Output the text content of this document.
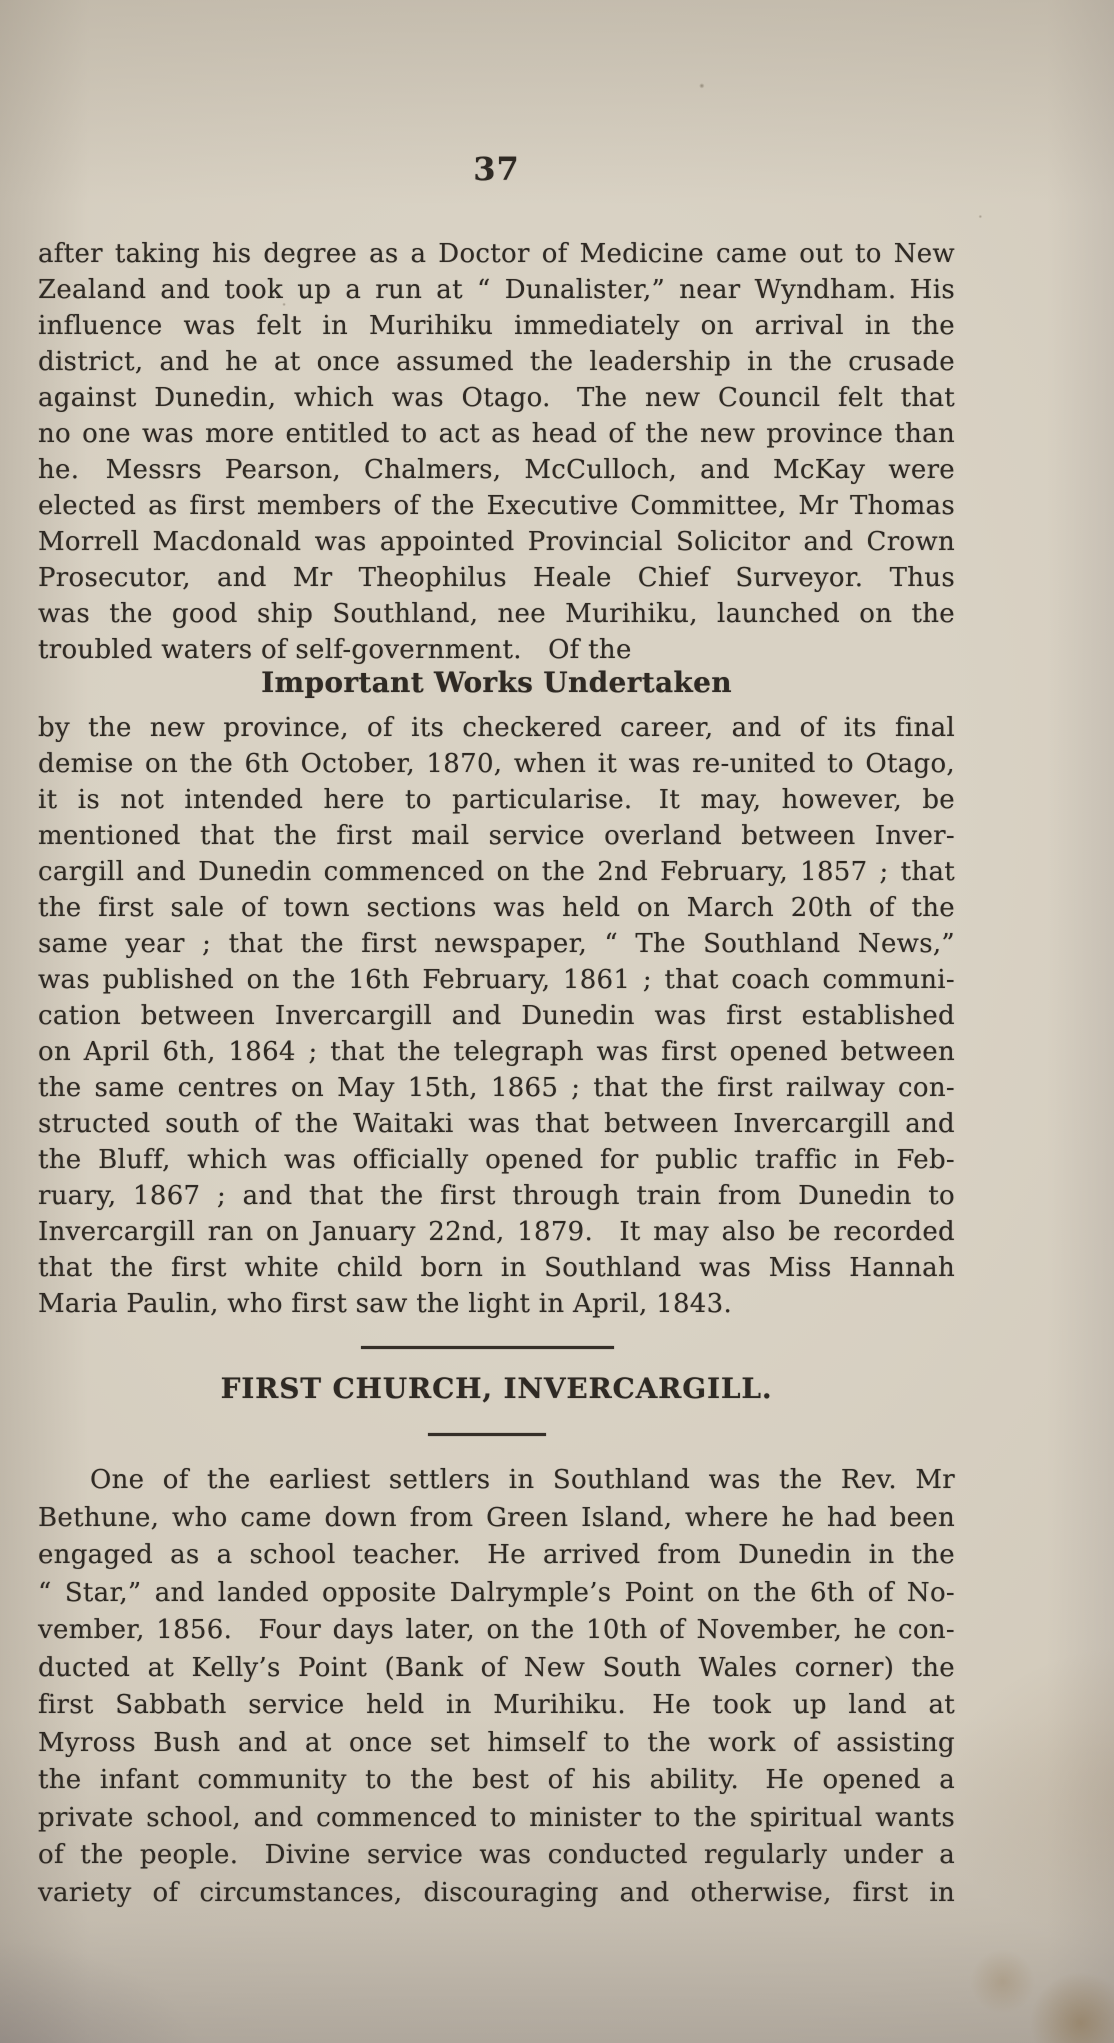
37
after taking his degree as a Doctor of Medicine came out to New
Zealand and took up a run at “ Dunalister,” near Wyndham. His
influence was felt in Murihiku immediately on arrival in the
district, and he at once assumed the leadership in the crusade
against Dunedin, which was Otago. The new Council felt that
no one was more entitled to act as head of the new province than
he. Messrs Pearson, Chalmers, McCulloch, and McKay were
elected as first members of the Executive Committee, Mr Thomas
Morrell Macdonald was appointed Provincial Solicitor and Crown
Prosecutor, and Mr Theophilus Heale Chief Surveyor. Thus
was the good ship Southland, nee Murihiku, launched on the
troubled waters of self-government. Of the
Important Works Undertaken
by the new province, of its checkered career, and of its final
demise on the 6th October, 1870, when it was re-united to Otago,
it is not intended here to particularise. It may, however, be
mentioned that the first mail service overland between Inver-
cargill and Dunedin commenced on the 2nd February, 1857 ; that
the first sale of town sections was held on March 20th of the
same year ; that the first newspaper, “ The Southland News,”
was published on the 16th February, 1861 ; that coach communi-
cation between Invercargill and Dunedin was first established
on April 6th, 1864 ; that the telegraph was first opened between
the same centres on May 15th, 1865 ; that the first railway con-
structed south of the Waitaki was that between Invercargill and
the Bluff, which was officially opened for public traffic in Feb-
ruary, 1867 ; and that the first through train from Dunedin to
Invercargill ran on January 22nd, 1879. It may also be recorded
that the first white child born in Southland was Miss Hannah
Maria Paulin, who first saw the light in April, 1843.
FIRST CHURCH, INVERCARGILL.
One of the earliest settlers in Southland was the Rev. Mr
Bethune, who came down from Green Island, where he had been
engaged as a school teacher. He arrived from Dunedin in the
“ Star,” and landed opposite Dalrymple’s Point on the 6th of No-
vember, 1856. Four days later, on the 10th of November, he con-
ducted at Kelly’s Point (Bank of New South Wales corner) the
first Sabbath service held in Murihiku. He took up land at
Myross Bush and at once set himself to the work of assisting
the infant community to the best of his ability. He opened a
private school, and commenced to minister to the spiritual wants
of the people. Divine service was conducted regularly under a
variety of circumstances, discouraging and otherwise, first in
